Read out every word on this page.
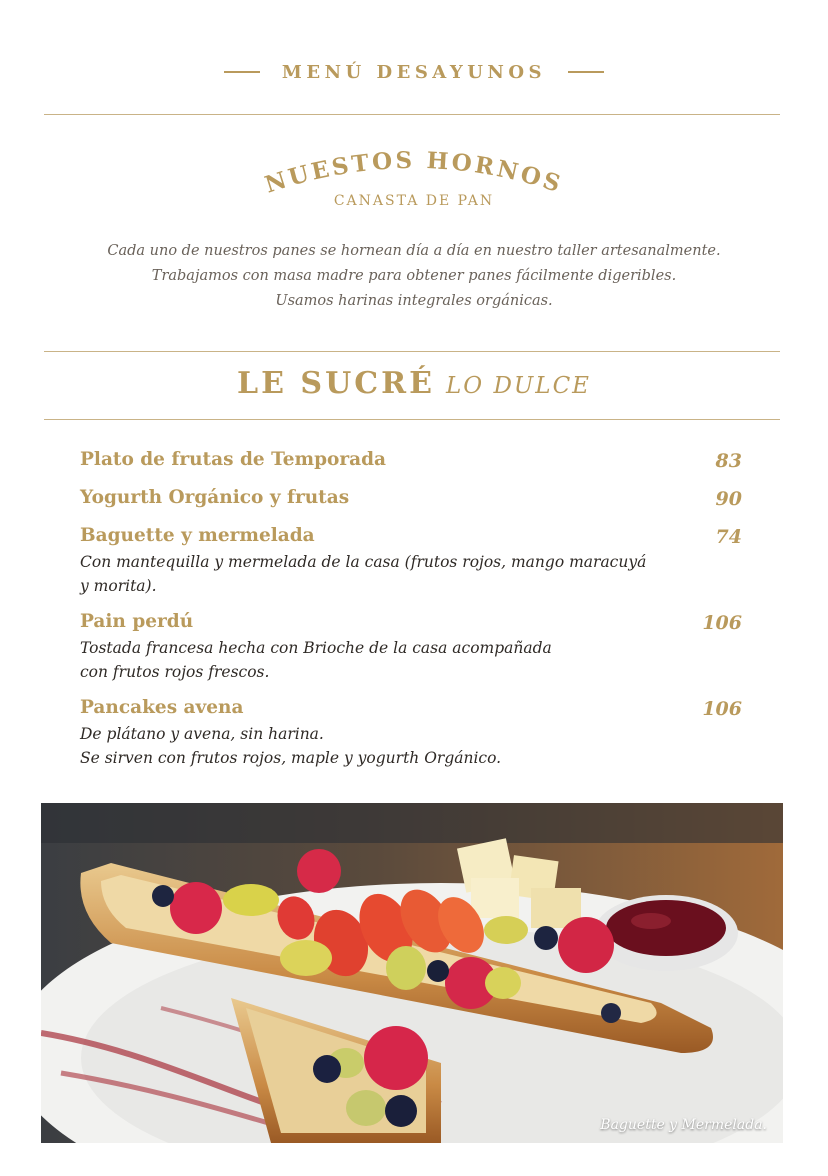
MENÚ DESAYUNOS
NUESTOS HORNOS
CANASTA DE PAN
Cada uno de nuestros panes se hornean día a día en nuestro taller artesanalmente.
Trabajamos con masa madre para obtener panes fácilmente digeribles.
Usamos harinas integrales orgánicas.
LE SUCRÉ LO DULCE
Plato de frutas de Temporada	83
Yogurth Orgánico y frutas	90
Baguette y mermelada	74
Con mantequilla y mermelada de la casa (frutos rojos, mango maracuyá
y morita).
Pain perdú	106
Tostada francesa hecha con Brioche de la casa acompañada
con frutos rojos frescos.
Pancakes avena	106
De plátano y avena, sin harina.
Se sirven con frutos rojos, maple y yogurth Orgánico.
Baguette y Mermelada.
